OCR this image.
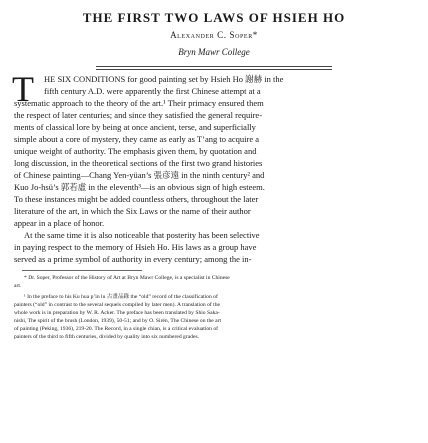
THE FIRST TWO LAWS OF HSIEH HO
Alexander C. Soper*
Bryn Mawr College
T HE SIX CONDITIONS for good painting set by Hsieh Ho 謝赫 in the
fifth century A.D. were apparently the first Chinese attempt at a
systematic approach to the theory of the art.¹ Their primacy ensured them
the respect of later centuries; and since they satisfied the general require-
ments of classical lore by being at once ancient, terse, and superficially
simple about a core of mystery, they came as early as T’ang to acquire a
unique weight of authority. The emphasis given them, by quotation and
long discussion, in the theoretical sections of the first two grand histories
of Chinese painting—Chang Yen-yüan’s 張彦遠 in the ninth century² and
Kuo Jo-hsü’s 郭若虛 in the eleventh³—is an obvious sign of high esteem.
To these instances might be added countless others, throughout the later
literature of the art, in which the Six Laws or the name of their author
appear in a place of honor.
At the same time it is also noticeable that posterity has been selective
in paying respect to the memory of Hsieh Ho. His laws as a group have
served as a prime symbol of authority in every century; among the in-
* Dr. Soper, Professor of the History of Art at Bryn Mawr College, is a specialist in Chinese
art.
¹ In the preface to his Ku hua p’in lu 古畫品錄 the “old” record of the classification of
painters (“old” in contrast to the several sequels compiled by later men). A translation of the
whole work is in preparation by W. R. Acker. The preface has been translated by Shio Saka-
nishi, The spirit of the brush (London, 1939), 50-51; and by O. Sirén, The Chinese on the art
of painting (Peking, 1936), 219-20. The Record, in a single chian, is a critical evaluation of
painters of the third to fifth centuries, divided by quality into six numbered grades.
